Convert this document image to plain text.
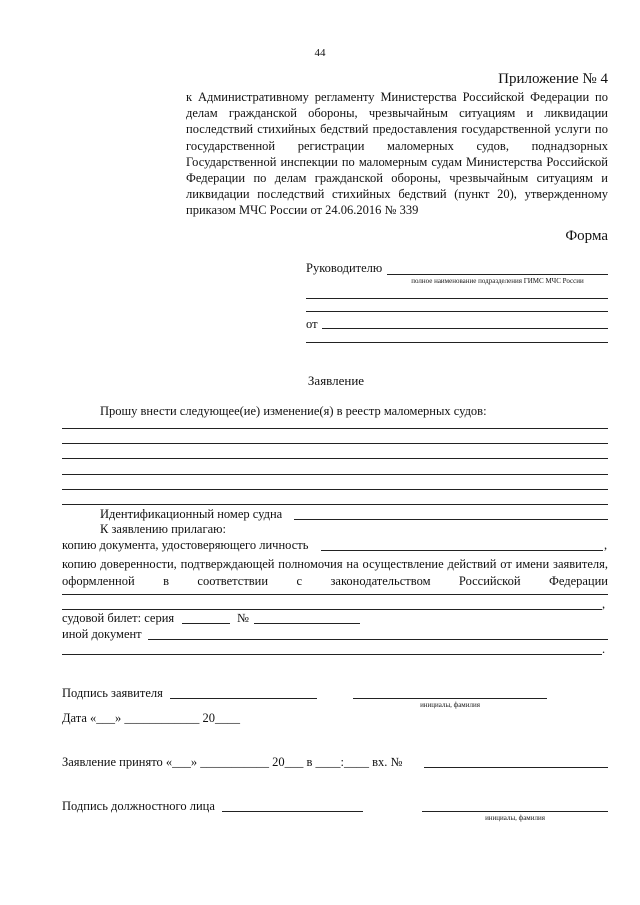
44
Приложение № 4
к Административному регламенту Министерства Российской Федерации по делам гражданской обороны, чрезвычайным ситуациям и ликвидации последствий стихийных бедствий предоставления государственной услуги по государственной регистрации маломерных судов, поднадзорных Государственной инспекции по маломерным судам Министерства Российской Федерации по делам гражданской обороны, чрезвычайным ситуациям и ликвидации последствий стихийных бедствий (пункт 20), утвержденному приказом МЧС России от 24.06.2016 № 339
Форма
Руководителю
полное наименование подразделения ГИМС МЧС России
от
Заявление
Прошу внести следующее(ие) изменение(я) в реестр маломерных судов:
Идентификационный номер судна
К заявлению прилагаю:
копию документа, удостоверяющего личность	,
копию доверенности, подтверждающей полномочия на осуществление действий от имени заявителя, оформленной в соответствии с законодательством Российской Федерации
,
судовой билет: серия	№
иной документ
.
Подпись заявителя
инициалы, фамилия
Дата «___» ____________ 20____
Заявление принято «___» ___________ 20___ в ____:____ вх. №
Подпись должностного лица
инициалы, фамилия
